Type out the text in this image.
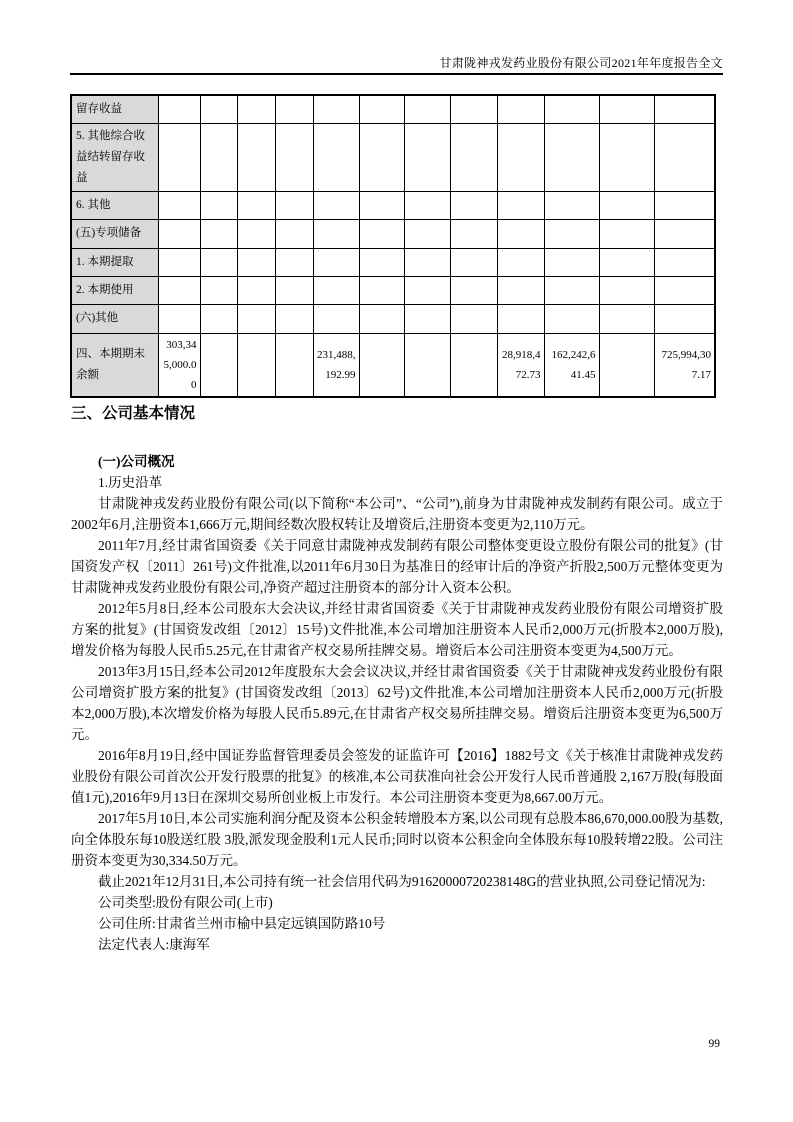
甘肃陇神戎发药业股份有限公司2021年年度报告全文
留存收益												
5. 其他综合收益结转留存收益												
6. 其他												
(五)专项储备												
1. 本期提取												
2. 本期使用												
(六)其他												
四、本期期末余额	303,345,000.00				231,488,192.99				28,918,472.73	162,242,641.45		725,994,307.17

三、公司基本情况

(一)公司概况

1.历史沿革

甘肃陇神戎发药业股份有限公司(以下简称“本公司”、“公司”),前身为甘肃陇神戎发制药有限公司。成立于2002年6月,注册资本1,666万元,期间经数次股权转让及增资后,注册资本变更为2,110万元。

2011年7月,经甘肃省国资委《关于同意甘肃陇神戎发制药有限公司整体变更设立股份有限公司的批复》(甘国资发产权〔2011〕261号)文件批准,以2011年6月30日为基准日的经审计后的净资产折股2,500万元整体变更为甘肃陇神戎发药业股份有限公司,净资产超过注册资本的部分计入资本公积。

2012年5月8日,经本公司股东大会决议,并经甘肃省国资委《关于甘肃陇神戎发药业股份有限公司增资扩股方案的批复》(甘国资发改组〔2012〕15号)文件批准,本公司增加注册资本人民币2,000万元(折股本2,000万股),增发价格为每股人民币5.25元,在甘肃省产权交易所挂牌交易。增资后本公司注册资本变更为4,500万元。

2013年3月15日,经本公司2012年度股东大会会议决议,并经甘肃省国资委《关于甘肃陇神戎发药业股份有限公司增资扩股方案的批复》(甘国资发改组〔2013〕62号)文件批准,本公司增加注册资本人民币2,000万元(折股本2,000万股),本次增发价格为每股人民币5.89元,在甘肃省产权交易所挂牌交易。增资后注册资本变更为6,500万元。

2016年8月19日,经中国证券监督管理委员会签发的证监许可【2016】1882号文《关于核准甘肃陇神戎发药业股份有限公司首次公开发行股票的批复》的核准,本公司获准向社会公开发行人民币普通股 2,167万股(每股面值1元),2016年9月13日在深圳交易所创业板上市发行。本公司注册资本变更为8,667.00万元。

2017年5月10日,本公司实施利润分配及资本公积金转增股本方案,以公司现有总股本86,670,000.00股为基数,向全体股东每10股送红股 3股,派发现金股利1元人民币;同时以资本公积金向全体股东每10股转增22股。公司注册资本变更为30,334.50万元。

截止2021年12月31日,本公司持有统一社会信用代码为91620000720238148G的营业执照,公司登记情况为:

公司类型:股份有限公司(上市)

公司住所:甘肃省兰州市榆中县定远镇国防路10号

法定代表人:康海军

99
